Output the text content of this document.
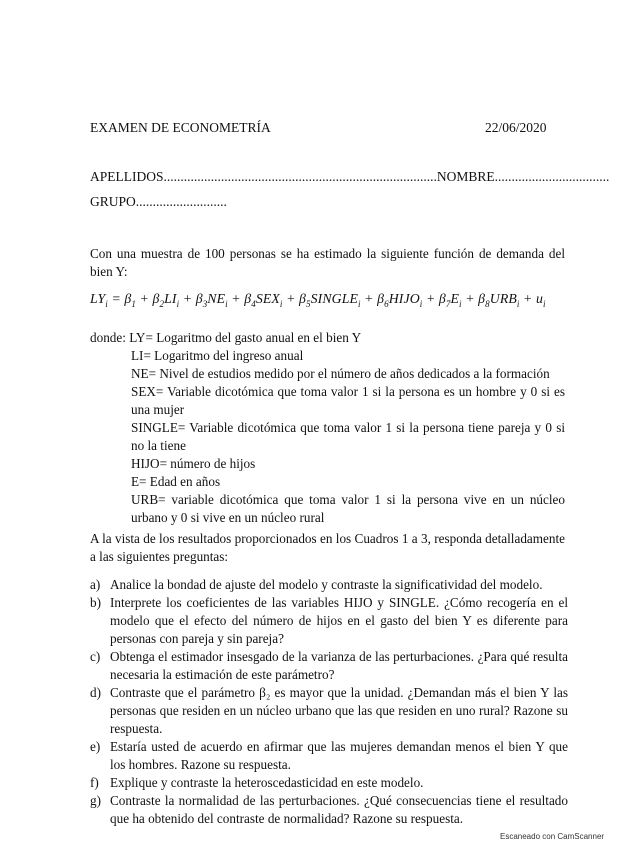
EXAMEN DE ECONOMETRÍA	22/06/2020
APELLIDOS.................................................................................NOMBRE..................................
GRUPO...........................
Con una muestra de 100 personas se ha estimado la siguiente función de demanda del bien Y:
$LY_i = \beta_1 + \beta_2LI_i + \beta_3NE_i + \beta_4SEX_i$ + $\beta_5SINGLE_i$ + $\beta_6HIJO_i + \beta_7E_i + \beta_8URB_i + u_i$
donde: LY= Logaritmo del gasto anual en el bien Y
LI= Logaritmo del ingreso anual
NE= Nivel de estudios medido por el número de años dedicados a la formación
SEX= Variable dicotómica que toma valor 1 si la persona es un hombre y 0 si es una mujer
SINGLE= Variable dicotómica que toma valor 1 si la persona tiene pareja y 0 si no la tiene
HIJO= número de hijos
E= Edad en años
URB= variable dicotómica que toma valor 1 si la persona vive en un núcleo urbano y 0 si vive en un núcleo rural
A la vista de los resultados proporcionados en los Cuadros 1 a 3, responda detalladamente a las siguientes preguntas:
a) Analice la bondad de ajuste del modelo y contraste la significatividad del modelo.
b) Interprete los coeficientes de las variables HIJO y SINGLE. ¿Cómo recogería en el modelo que el efecto del número de hijos en el gasto del bien Y es diferente para personas con pareja y sin pareja?
c) Obtenga el estimador insesgado de la varianza de las perturbaciones. ¿Para qué resulta necesaria la estimación de este parámetro?
d) Contraste que el parámetro β₂ es mayor que la unidad. ¿Demandan más el bien Y las personas que residen en un núcleo urbano que las que residen en uno rural? Razone su respuesta.
e) Estaría usted de acuerdo en afirmar que las mujeres demandan menos el bien Y que los hombres. Razone su respuesta.
f) Explique y contraste la heteroscedasticidad en este modelo.
g) Contraste la normalidad de las perturbaciones. ¿Qué consecuencias tiene el resultado que ha obtenido del contraste de normalidad? Razone su respuesta.
Escaneado con CamScanner
